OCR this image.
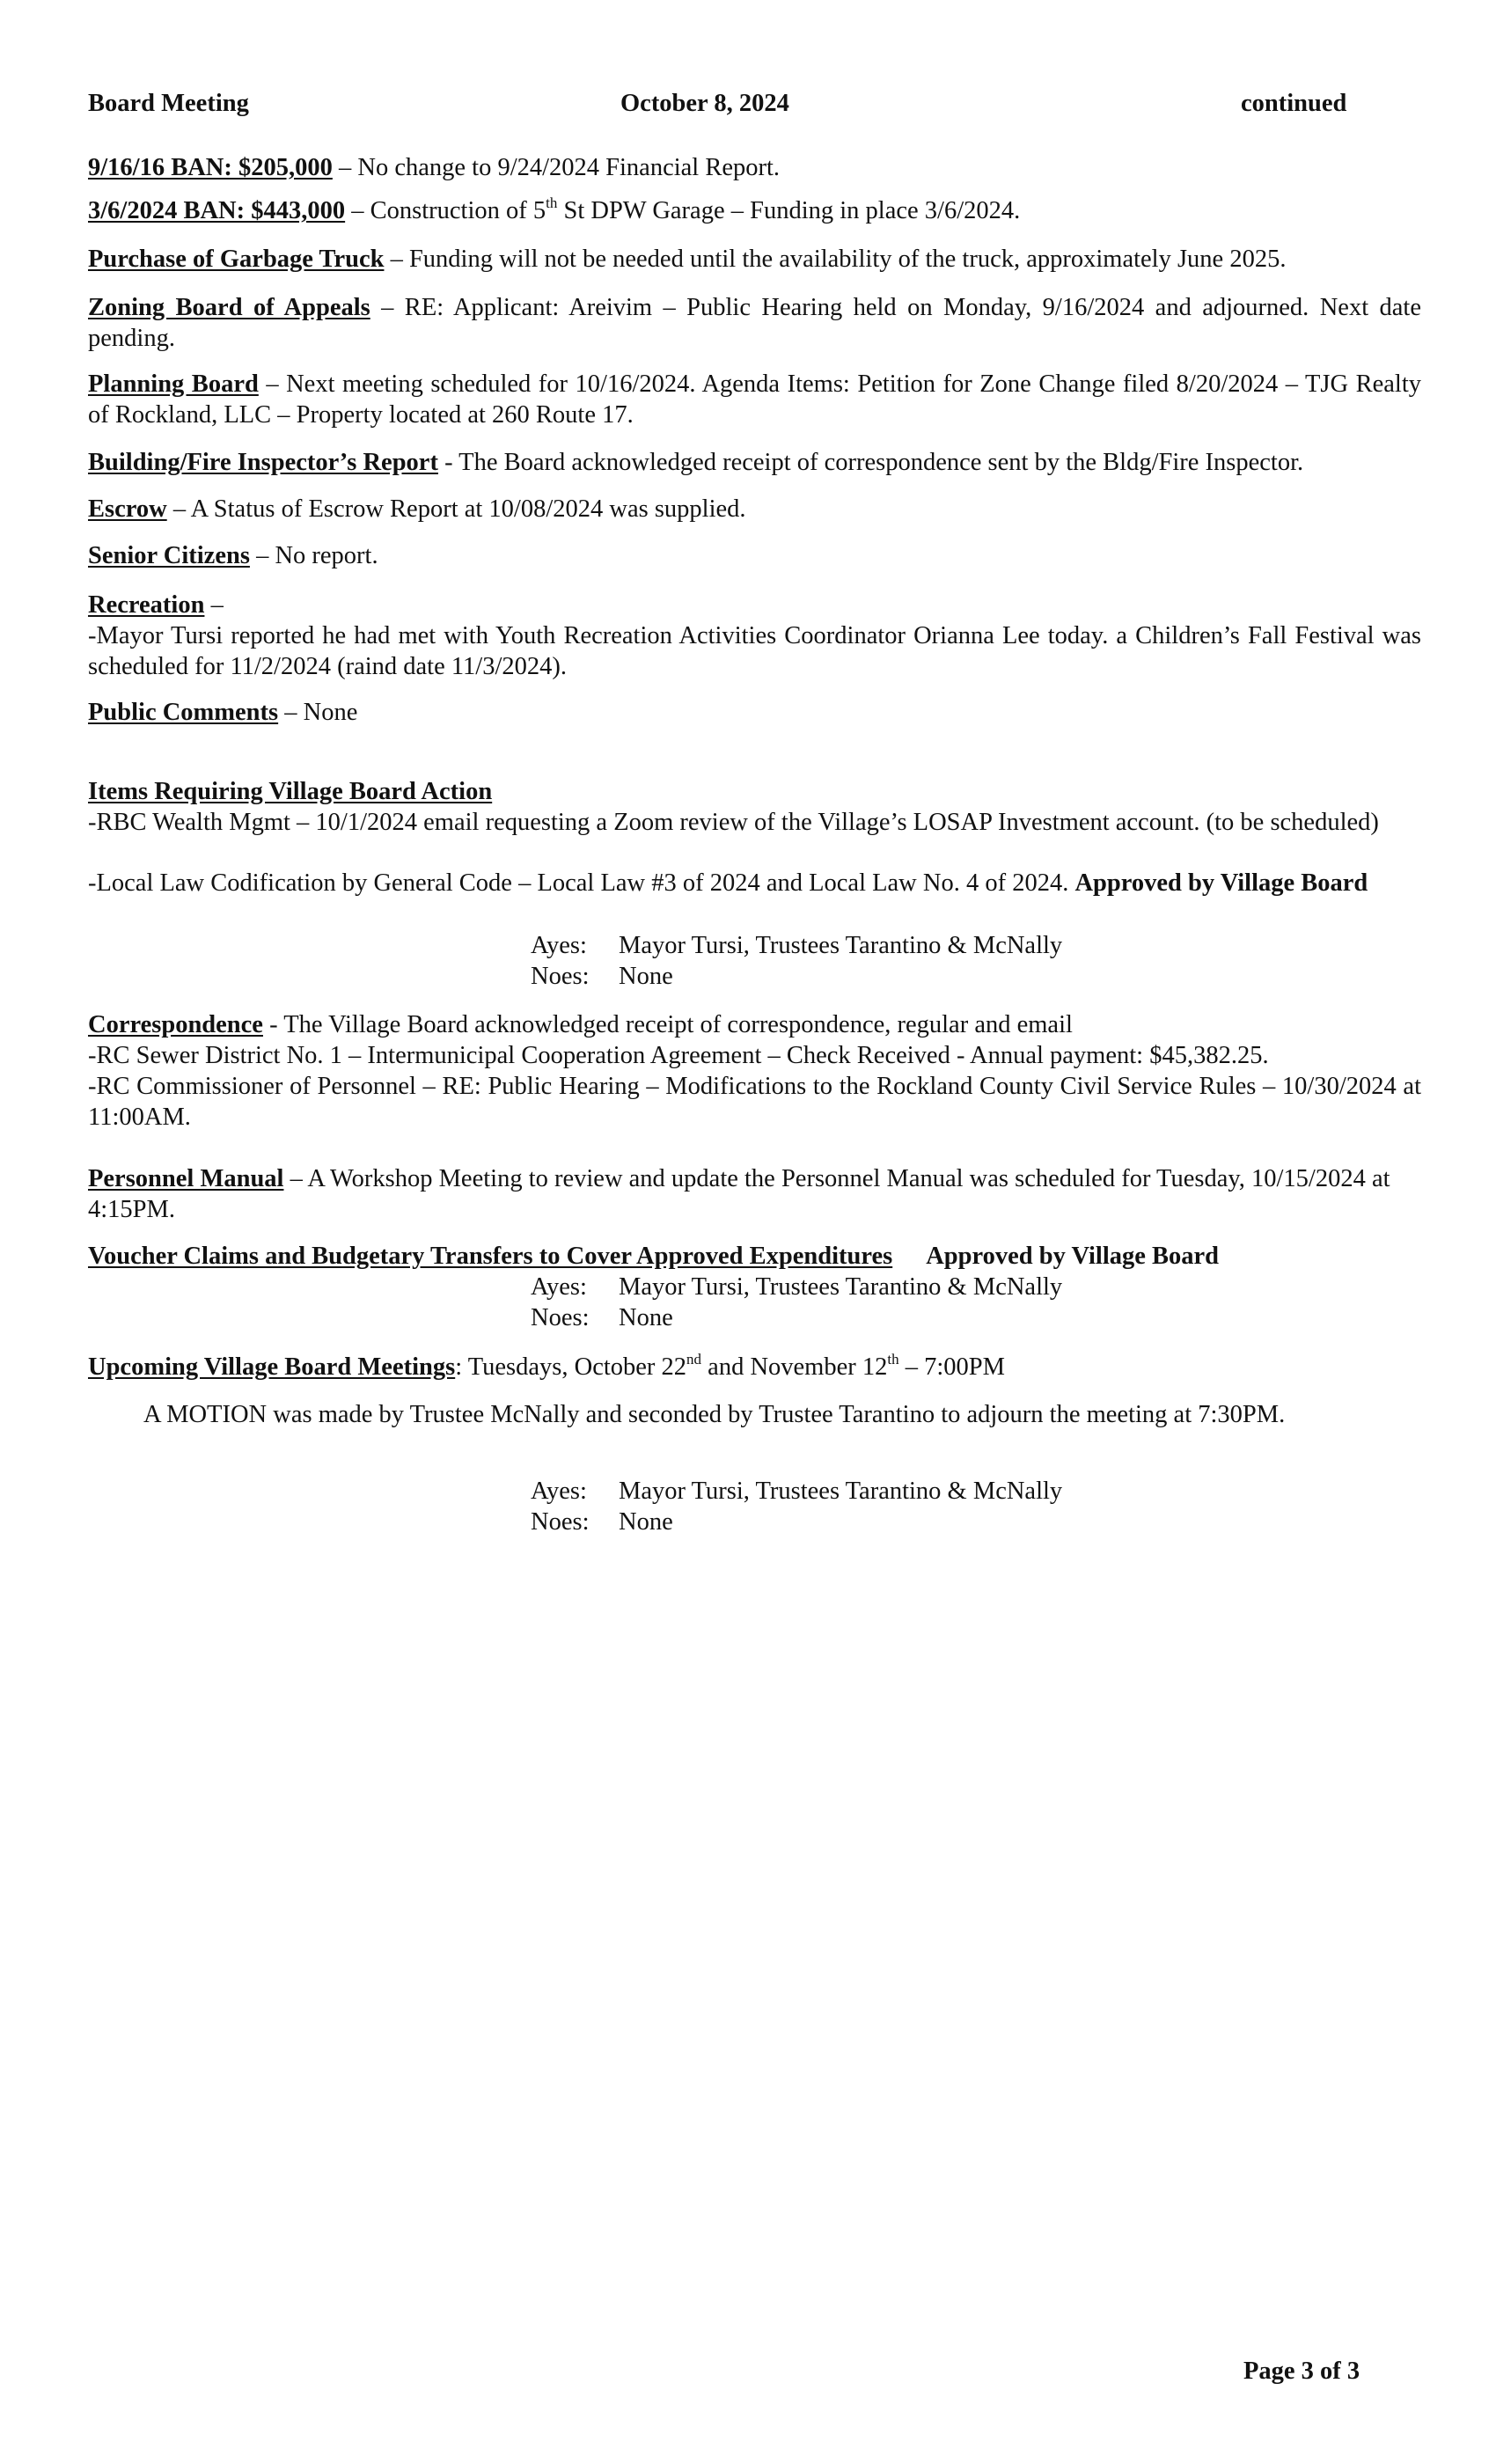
Board Meeting	October 8, 2024	continued

9/16/16 BAN: $205,000 – No change to 9/24/2024 Financial Report.

3/6/2024 BAN: $443,000 – Construction of 5th St DPW Garage – Funding in place 3/6/2024.

Purchase of Garbage Truck – Funding will not be needed until the availability of the truck, approximately June 2025.

Zoning Board of Appeals – RE: Applicant: Areivim – Public Hearing held on Monday, 9/16/2024 and adjourned. Next date pending.

Planning Board – Next meeting scheduled for 10/16/2024. Agenda Items: Petition for Zone Change filed 8/20/2024 – TJG Realty of Rockland, LLC – Property located at 260 Route 17.

Building/Fire Inspector’s Report - The Board acknowledged receipt of correspondence sent by the Bldg/Fire Inspector.

Escrow – A Status of Escrow Report at 10/08/2024 was supplied.

Senior Citizens – No report.

Recreation –

-Mayor Tursi reported he had met with Youth Recreation Activities Coordinator Orianna Lee today. a Children’s Fall Festival was scheduled for 11/2/2024 (raind date 11/3/2024).

Public Comments – None

Items Requiring Village Board Action

-RBC Wealth Mgmt – 10/1/2024 email requesting a Zoom review of the Village’s LOSAP Investment account. (to be scheduled)

-Local Law Codification by General Code – Local Law #3 of 2024 and Local Law No. 4 of 2024. Approved by Village Board

Ayes: Mayor Tursi, Trustees Tarantino & McNally
Noes: None

Correspondence - The Village Board acknowledged receipt of correspondence, regular and email

-RC Sewer District No. 1 – Intermunicipal Cooperation Agreement – Check Received - Annual payment: $45,382.25.

-RC Commissioner of Personnel – RE: Public Hearing – Modifications to the Rockland County Civil Service Rules – 10/30/2024 at 11:00AM.

Personnel Manual – A Workshop Meeting to review and update the Personnel Manual was scheduled for Tuesday, 10/15/2024 at 4:15PM.

Voucher Claims and Budgetary Transfers to Cover Approved Expenditures Approved by Village Board

Ayes: Mayor Tursi, Trustees Tarantino & McNally
Noes: None

Upcoming Village Board Meetings: Tuesdays, October 22nd and November 12th – 7:00PM

A MOTION was made by Trustee McNally and seconded by Trustee Tarantino to adjourn the meeting at 7:30PM.

Ayes: Mayor Tursi, Trustees Tarantino & McNally
Noes: None
Page 3 of 3
